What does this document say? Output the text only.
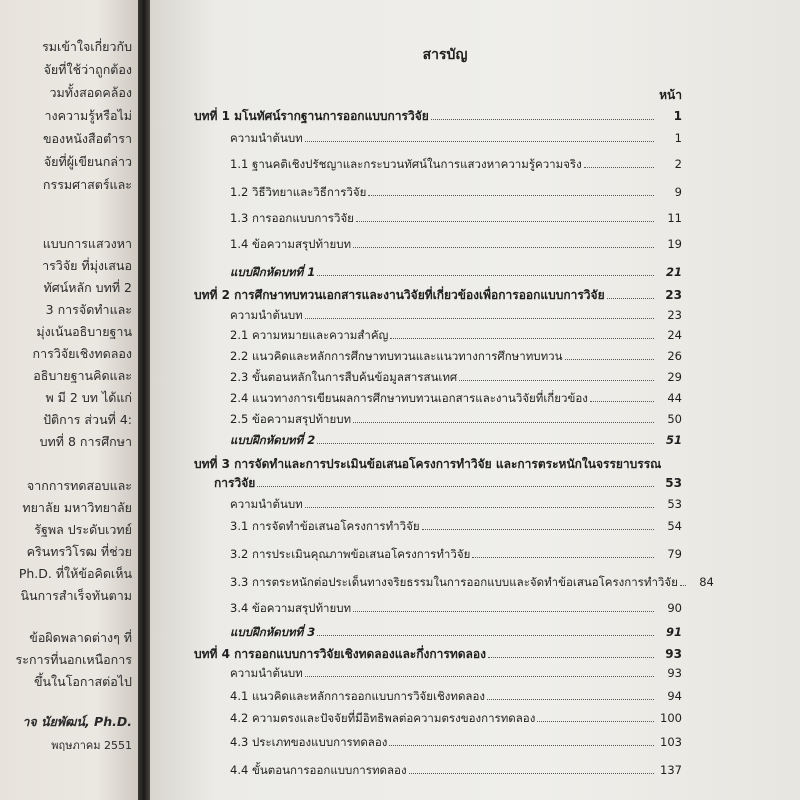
รมเข้าใจเกี่ยวกับ
จัยที่ใช้ว่าถูกต้อง
วมทั้งสอดคล้อง
างความรู้หรือไม่
ของหนังสือตำรา
จัยที่ผู้เขียนกล่าว
กรรมศาสตร์และ
แบบการแสวงหา
ารวิจัย ที่มุ่งเสนอ
ทัศน์หลัก บทที่ 2
3 การจัดทำและ
มุ่งเน้นอธิบายฐาน
การวิจัยเชิงทดลอง
อธิบายฐานคิดและ
พ มี 2 บท ได้แก่
ปัติการ ส่วนที่ 4:
บทที่ 8 การศึกษา
จากการทดสอบและ
ทยาลัย มหาวิทยาลัย
รัฐพล ประดับเวทย์
ครินทรวิโรฒ ที่ช่วย
Ph.D. ที่ให้ข้อคิดเห็น
นินการสำเร็จทันตาม
ข้อผิดพลาดต่างๆ ที่
ระการที่นอกเหนือการ
ขึ้นในโอกาสต่อไป
าจ นัยพัฒน์, Ph.D.
พฤษภาคม 2551
สารบัญ
หน้า
บทที่ 1 มโนทัศน์รากฐานการออกแบบการวิจัย	1
ความนำต้นบท	1
1.1 ฐานคติเชิงปรัชญาและกระบวนทัศน์ในการแสวงหาความรู้ความจริง	2
1.2 วิธีวิทยาและวิธีการวิจัย	9
1.3 การออกแบบการวิจัย	11
1.4 ข้อความสรุปท้ายบท	19
แบบฝึกหัดบทที่ 1	21
บทที่ 2 การศึกษาทบทวนเอกสารและงานวิจัยที่เกี่ยวข้องเพื่อการออกแบบการวิจัย	23
ความนำต้นบท	23
2.1 ความหมายและความสำคัญ	24
2.2 แนวคิดและหลักการศึกษาทบทวนและแนวทางการศึกษาทบทวน	26
2.3 ขั้นตอนหลักในการสืบค้นข้อมูลสารสนเทศ	29
2.4 แนวทางการเขียนผลการศึกษาทบทวนเอกสารและงานวิจัยที่เกี่ยวข้อง	44
2.5 ข้อความสรุปท้ายบท	50
แบบฝึกหัดบทที่ 2	51
บทที่ 3 การจัดทำและการประเมินข้อเสนอโครงการทำวิจัย และการตระหนักในจรรยาบรรณ
การวิจัย	53
ความนำต้นบท	53
3.1 การจัดทำข้อเสนอโครงการทำวิจัย	54
3.2 การประเมินคุณภาพข้อเสนอโครงการทำวิจัย	79
3.3 การตระหนักต่อประเด็นทางจริยธรรมในการออกแบบและจัดทำข้อเสนอโครงการทำวิจัย	84
3.4 ข้อความสรุปท้ายบท	90
แบบฝึกหัดบทที่ 3	91
บทที่ 4 การออกแบบการวิจัยเชิงทดลองและกึ่งการทดลอง	93
ความนำต้นบท	93
4.1 แนวคิดและหลักการออกแบบการวิจัยเชิงทดลอง	94
4.2 ความตรงและปัจจัยที่มีอิทธิพลต่อความตรงของการทดลอง	100
4.3 ประเภทของแบบการทดลอง	103
4.4 ขั้นตอนการออกแบบการทดลอง	137
